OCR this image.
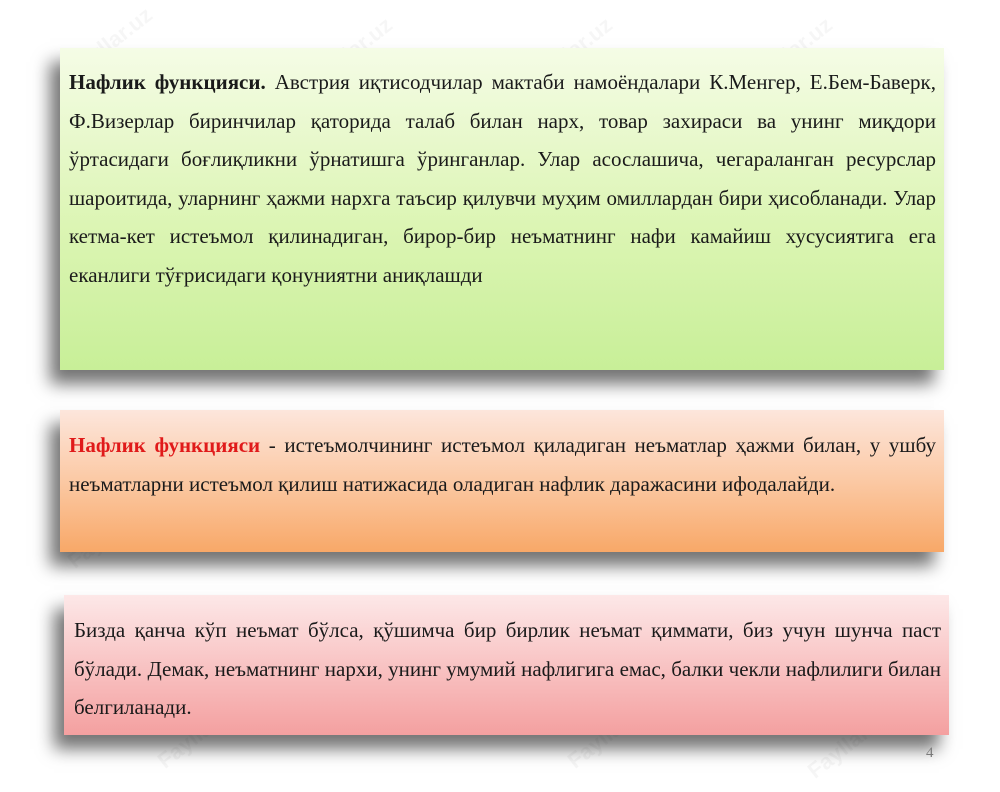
Нафлик функцияси. Австрия иқтисодчилар мактаби намоёндалари К.Менгер, Е.Бем-Баверк, Ф.Визерлар биринчилар қаторида талаб билан нарх, товар захираси ва унинг миқдори ўртасидаги боғлиқликни ўрнатишга ўринганлар. Улар асослашича, чегараланган ресурслар шароитида, уларнинг ҳажми нархга таъсир қилувчи муҳим омиллардан бири ҳисобланади. Улар кетма-кет истеъмол қилинадиган, бирор-бир неъматнинг нафи камайиш хусусиятига ега еканлиги тўғрисидаги қонуниятни аниқлашди

Нафлик функцияси - истеъмолчининг истеъмол қиладиган неъматлар ҳажми билан, у ушбу неъматларни истеъмол қилиш натижасида оладиган нафлик даражасини ифодалайди.

Бизда қанча кўп неъмат бўлса, қўшимча бир бирлик неъмат қиммати, биз учун шунча паст бўлади. Демак, неъматнинг нархи, унинг умумий нафлигига емас, балки чекли нафлилиги билан белгиланади.

4
